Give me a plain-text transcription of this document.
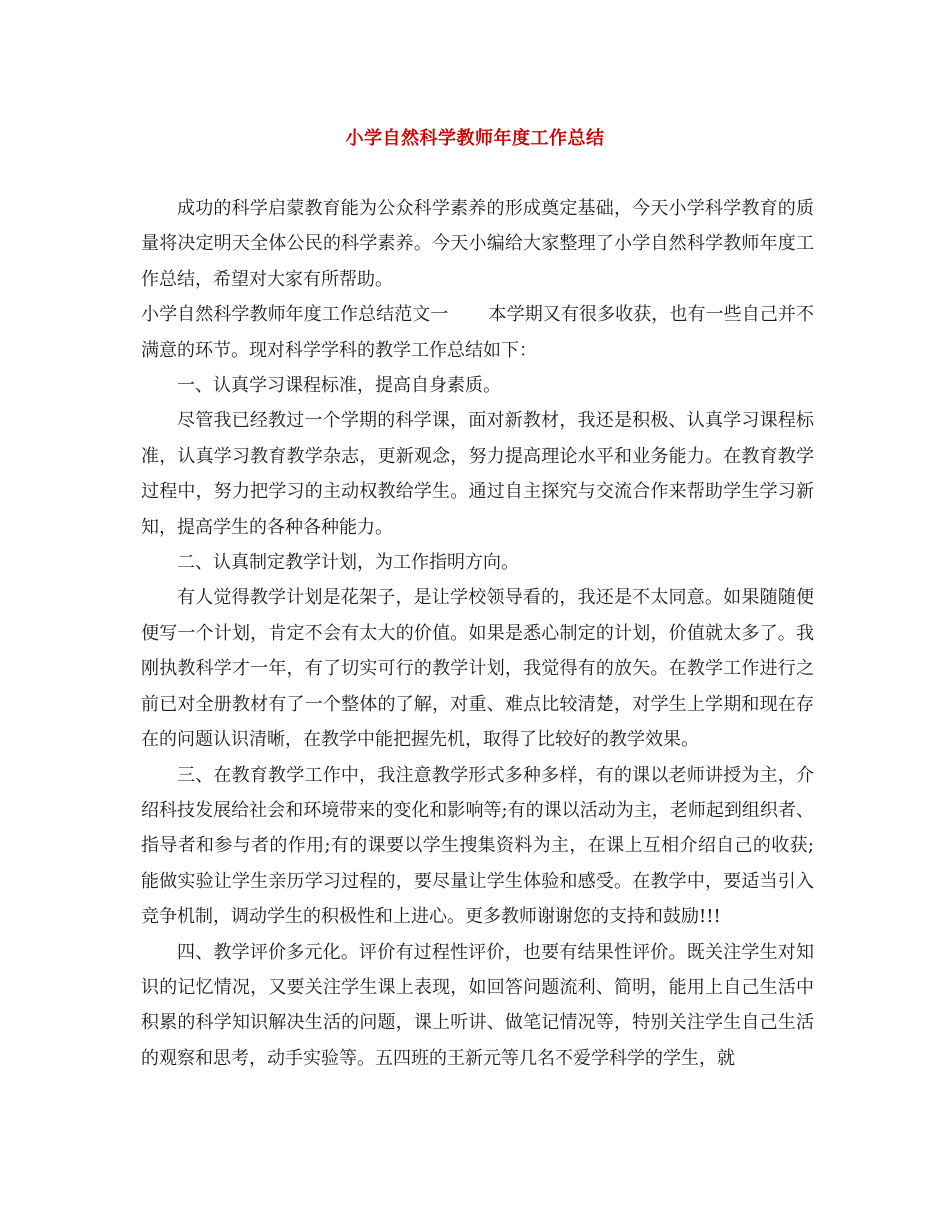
小学自然科学教师年度工作总结

成功的科学启蒙教育能为公众科学素养的形成奠定基础，今天小学科学教育的质量将决定明天全体公民的科学素养。今天小编给大家整理了小学自然科学教师年度工作总结，希望对大家有所帮助。

小学自然科学教师年度工作总结范文一 本学期又有很多收获，也有一些自己并不满意的环节。现对科学学科的教学工作总结如下：

一、认真学习课程标准，提高自身素质。

尽管我已经教过一个学期的科学课，面对新教材，我还是积极、认真学习课程标准，认真学习教育教学杂志，更新观念，努力提高理论水平和业务能力。在教育教学过程中，努力把学习的主动权教给学生。通过自主探究与交流合作来帮助学生学习新知，提高学生的各种各种能力。

二、认真制定教学计划，为工作指明方向。

有人觉得教学计划是花架子，是让学校领导看的，我还是不太同意。如果随随便便写一个计划，肯定不会有太大的价值。如果是悉心制定的计划，价值就太多了。我刚执教科学才一年，有了切实可行的教学计划，我觉得有的放矢。在教学工作进行之前已对全册教材有了一个整体的了解，对重、难点比较清楚，对学生上学期和现在存在的问题认识清晰，在教学中能把握先机，取得了比较好的教学效果。

三、在教育教学工作中，我注意教学形式多种多样，有的课以老师讲授为主，介绍科技发展给社会和环境带来的变化和影响等;有的课以活动为主，老师起到组织者、指导者和参与者的作用;有的课要以学生搜集资料为主，在课上互相介绍自己的收获;能做实验让学生亲历学习过程的，要尽量让学生体验和感受。在教学中，要适当引入竞争机制，调动学生的积极性和上进心。更多教师谢谢您的支持和鼓励!!!

四、教学评价多元化。评价有过程性评价，也要有结果性评价。既关注学生对知识的记忆情况，又要关注学生课上表现，如回答问题流利、简明，能用上自己生活中积累的科学知识解决生活的问题，课上听讲、做笔记情况等，特别关注学生自己生活的观察和思考，动手实验等。五四班的王新元等几名不爱学科学的学生，就
